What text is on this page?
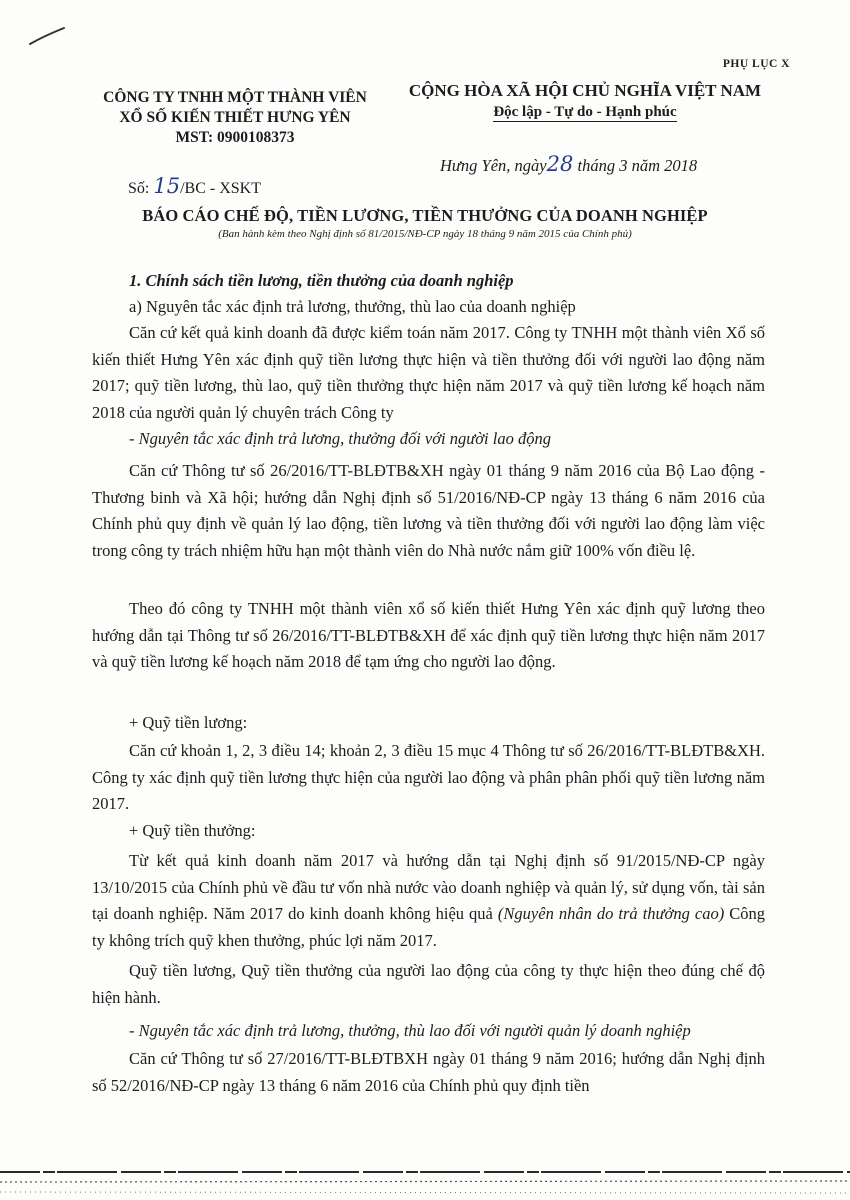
PHỤ LỤC X
CÔNG TY TNHH MỘT THÀNH VIÊN
XỔ SỐ KIẾN THIẾT HƯNG YÊN
MST: 0900108373
CỘNG HÒA XÃ HỘI CHỦ NGHĨA VIỆT NAM
Độc lập - Tự do - Hạnh phúc
Hưng Yên, ngày28 tháng 3 năm 2018
Số: 15/BC - XSKT
BÁO CÁO CHẾ ĐỘ, TIỀN LƯƠNG, TIỀN THƯỞNG CỦA DOANH NGHIỆP
(Ban hành kèm theo Nghị định số 81/2015/NĐ-CP ngày 18 tháng 9 năm 2015 của Chính phủ)
1. Chính sách tiền lương, tiền thưởng của doanh nghiệp
a) Nguyên tắc xác định trả lương, thưởng, thù lao của doanh nghiệp
Căn cứ kết quả kinh doanh đã được kiểm toán năm 2017. Công ty TNHH một thành viên Xổ số kiến thiết Hưng Yên xác định quỹ tiền lương thực hiện và tiền thưởng đối với người lao động năm 2017; quỹ tiền lương, thù lao, quỹ tiền thưởng thực hiện năm 2017 và quỹ tiền lương kế hoạch năm 2018 của người quản lý chuyên trách Công ty
- Nguyên tắc xác định trả lương, thưởng đối với người lao động
Căn cứ Thông tư số 26/2016/TT-BLĐTB&XH ngày 01 tháng 9 năm 2016 của Bộ Lao động - Thương binh và Xã hội; hướng dẫn Nghị định số 51/2016/NĐ-CP ngày 13 tháng 6 năm 2016 của Chính phủ quy định về quản lý lao động, tiền lương và tiền thưởng đối với người lao động làm việc trong công ty trách nhiệm hữu hạn một thành viên do Nhà nước nắm giữ 100% vốn điều lệ.
Theo đó công ty TNHH một thành viên xổ số kiến thiết Hưng Yên xác định quỹ lương theo hướng dẫn tại Thông tư số 26/2016/TT-BLĐTB&XH để xác định quỹ tiền lương thực hiện năm 2017 và quỹ tiền lương kế hoạch năm 2018 để tạm ứng cho người lao động.
+ Quỹ tiền lương:
Căn cứ khoản 1, 2, 3 điều 14; khoản 2, 3 điều 15 mục 4 Thông tư số 26/2016/TT-BLĐTB&XH. Công ty xác định quỹ tiền lương thực hiện của người lao động và phân phân phối quỹ tiền lương năm 2017.
+ Quỹ tiền thưởng:
Từ kết quả kinh doanh năm 2017 và hướng dẫn tại Nghị định số 91/2015/NĐ-CP ngày 13/10/2015 của Chính phủ về đầu tư vốn nhà nước vào doanh nghiệp và quản lý, sử dụng vốn, tài sản tại doanh nghiệp. Năm 2017 do kinh doanh không hiệu quả (Nguyên nhân do trả thưởng cao) Công ty không trích quỹ khen thưởng, phúc lợi năm 2017.
Quỹ tiền lương, Quỹ tiền thưởng của người lao động của công ty thực hiện theo đúng chế độ hiện hành.
- Nguyên tắc xác định trả lương, thưởng, thù lao đối với người quản lý doanh nghiệp
Căn cứ Thông tư số 27/2016/TT-BLĐTBXH ngày 01 tháng 9 năm 2016; hướng dẫn Nghị định số 52/2016/NĐ-CP ngày 13 tháng 6 năm 2016 của Chính phủ quy định tiền
